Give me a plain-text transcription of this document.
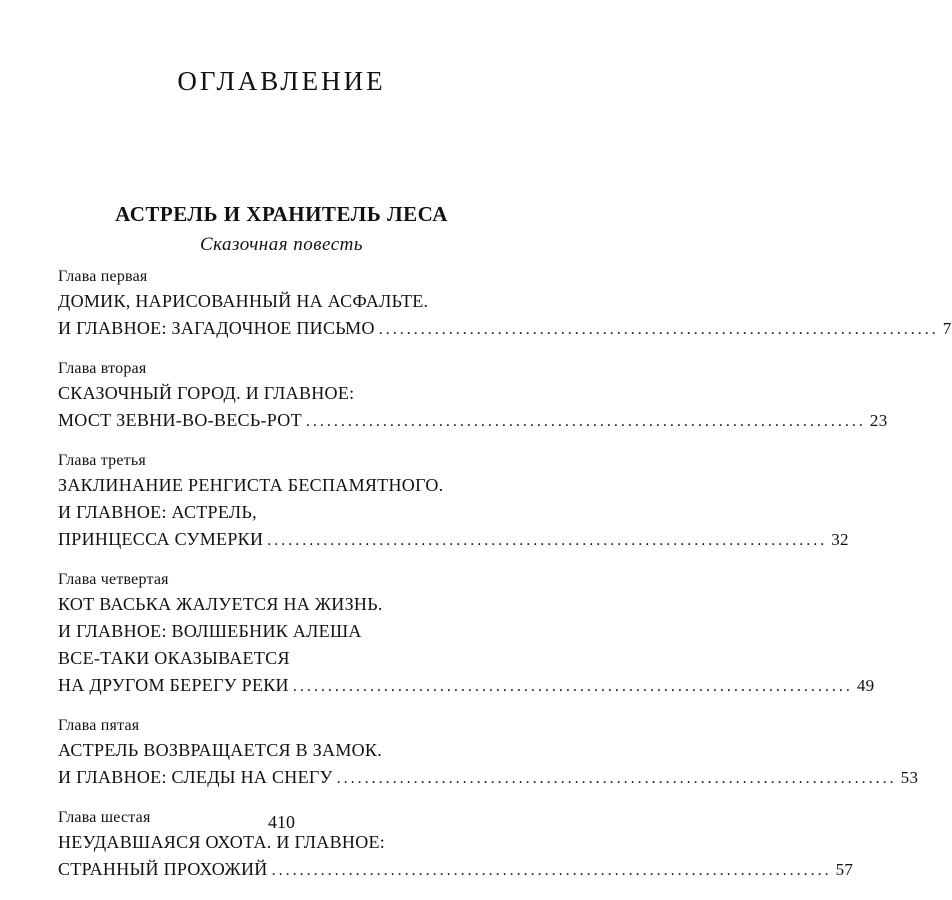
ОГЛАВЛЕНИЕ
АСТРЕЛЬ И ХРАНИТЕЛЬ ЛЕСА
Сказочная повесть
Глава первая
ДОМИК, НАРИСОВАННЫЙ НА АСФАЛЬТЕ.
И ГЛАВНОЕ: ЗАГАДОЧНОЕ ПИСЬМО ................................................................................ 7
Глава вторая
СКАЗОЧНЫЙ ГОРОД. И ГЛАВНОЕ:
МОСТ ЗЕВНИ-ВО-ВЕСЬ-РОТ ................................................................................ 23
Глава третья
ЗАКЛИНАНИЕ РЕНГИСТА БЕСПАМЯТНОГО.
И ГЛАВНОЕ: АСТРЕЛЬ,
ПРИНЦЕССА СУМЕРКИ ................................................................................ 32
Глава четвертая
КОТ ВАСЬКА ЖАЛУЕТСЯ НА ЖИЗНЬ.
И ГЛАВНОЕ: ВОЛШЕБНИК АЛЕША
ВСЕ-ТАКИ ОКАЗЫВАЕТСЯ
НА ДРУГОМ БЕРЕГУ РЕКИ ................................................................................ 49
Глава пятая
АСТРЕЛЬ ВОЗВРАЩАЕТСЯ В ЗАМОК.
И ГЛАВНОЕ: СЛЕДЫ НА СНЕГУ ................................................................................ 53
Глава шестая
НЕУДАВШАЯСЯ ОХОТА. И ГЛАВНОЕ:
СТРАННЫЙ ПРОХОЖИЙ ................................................................................ 57
410
